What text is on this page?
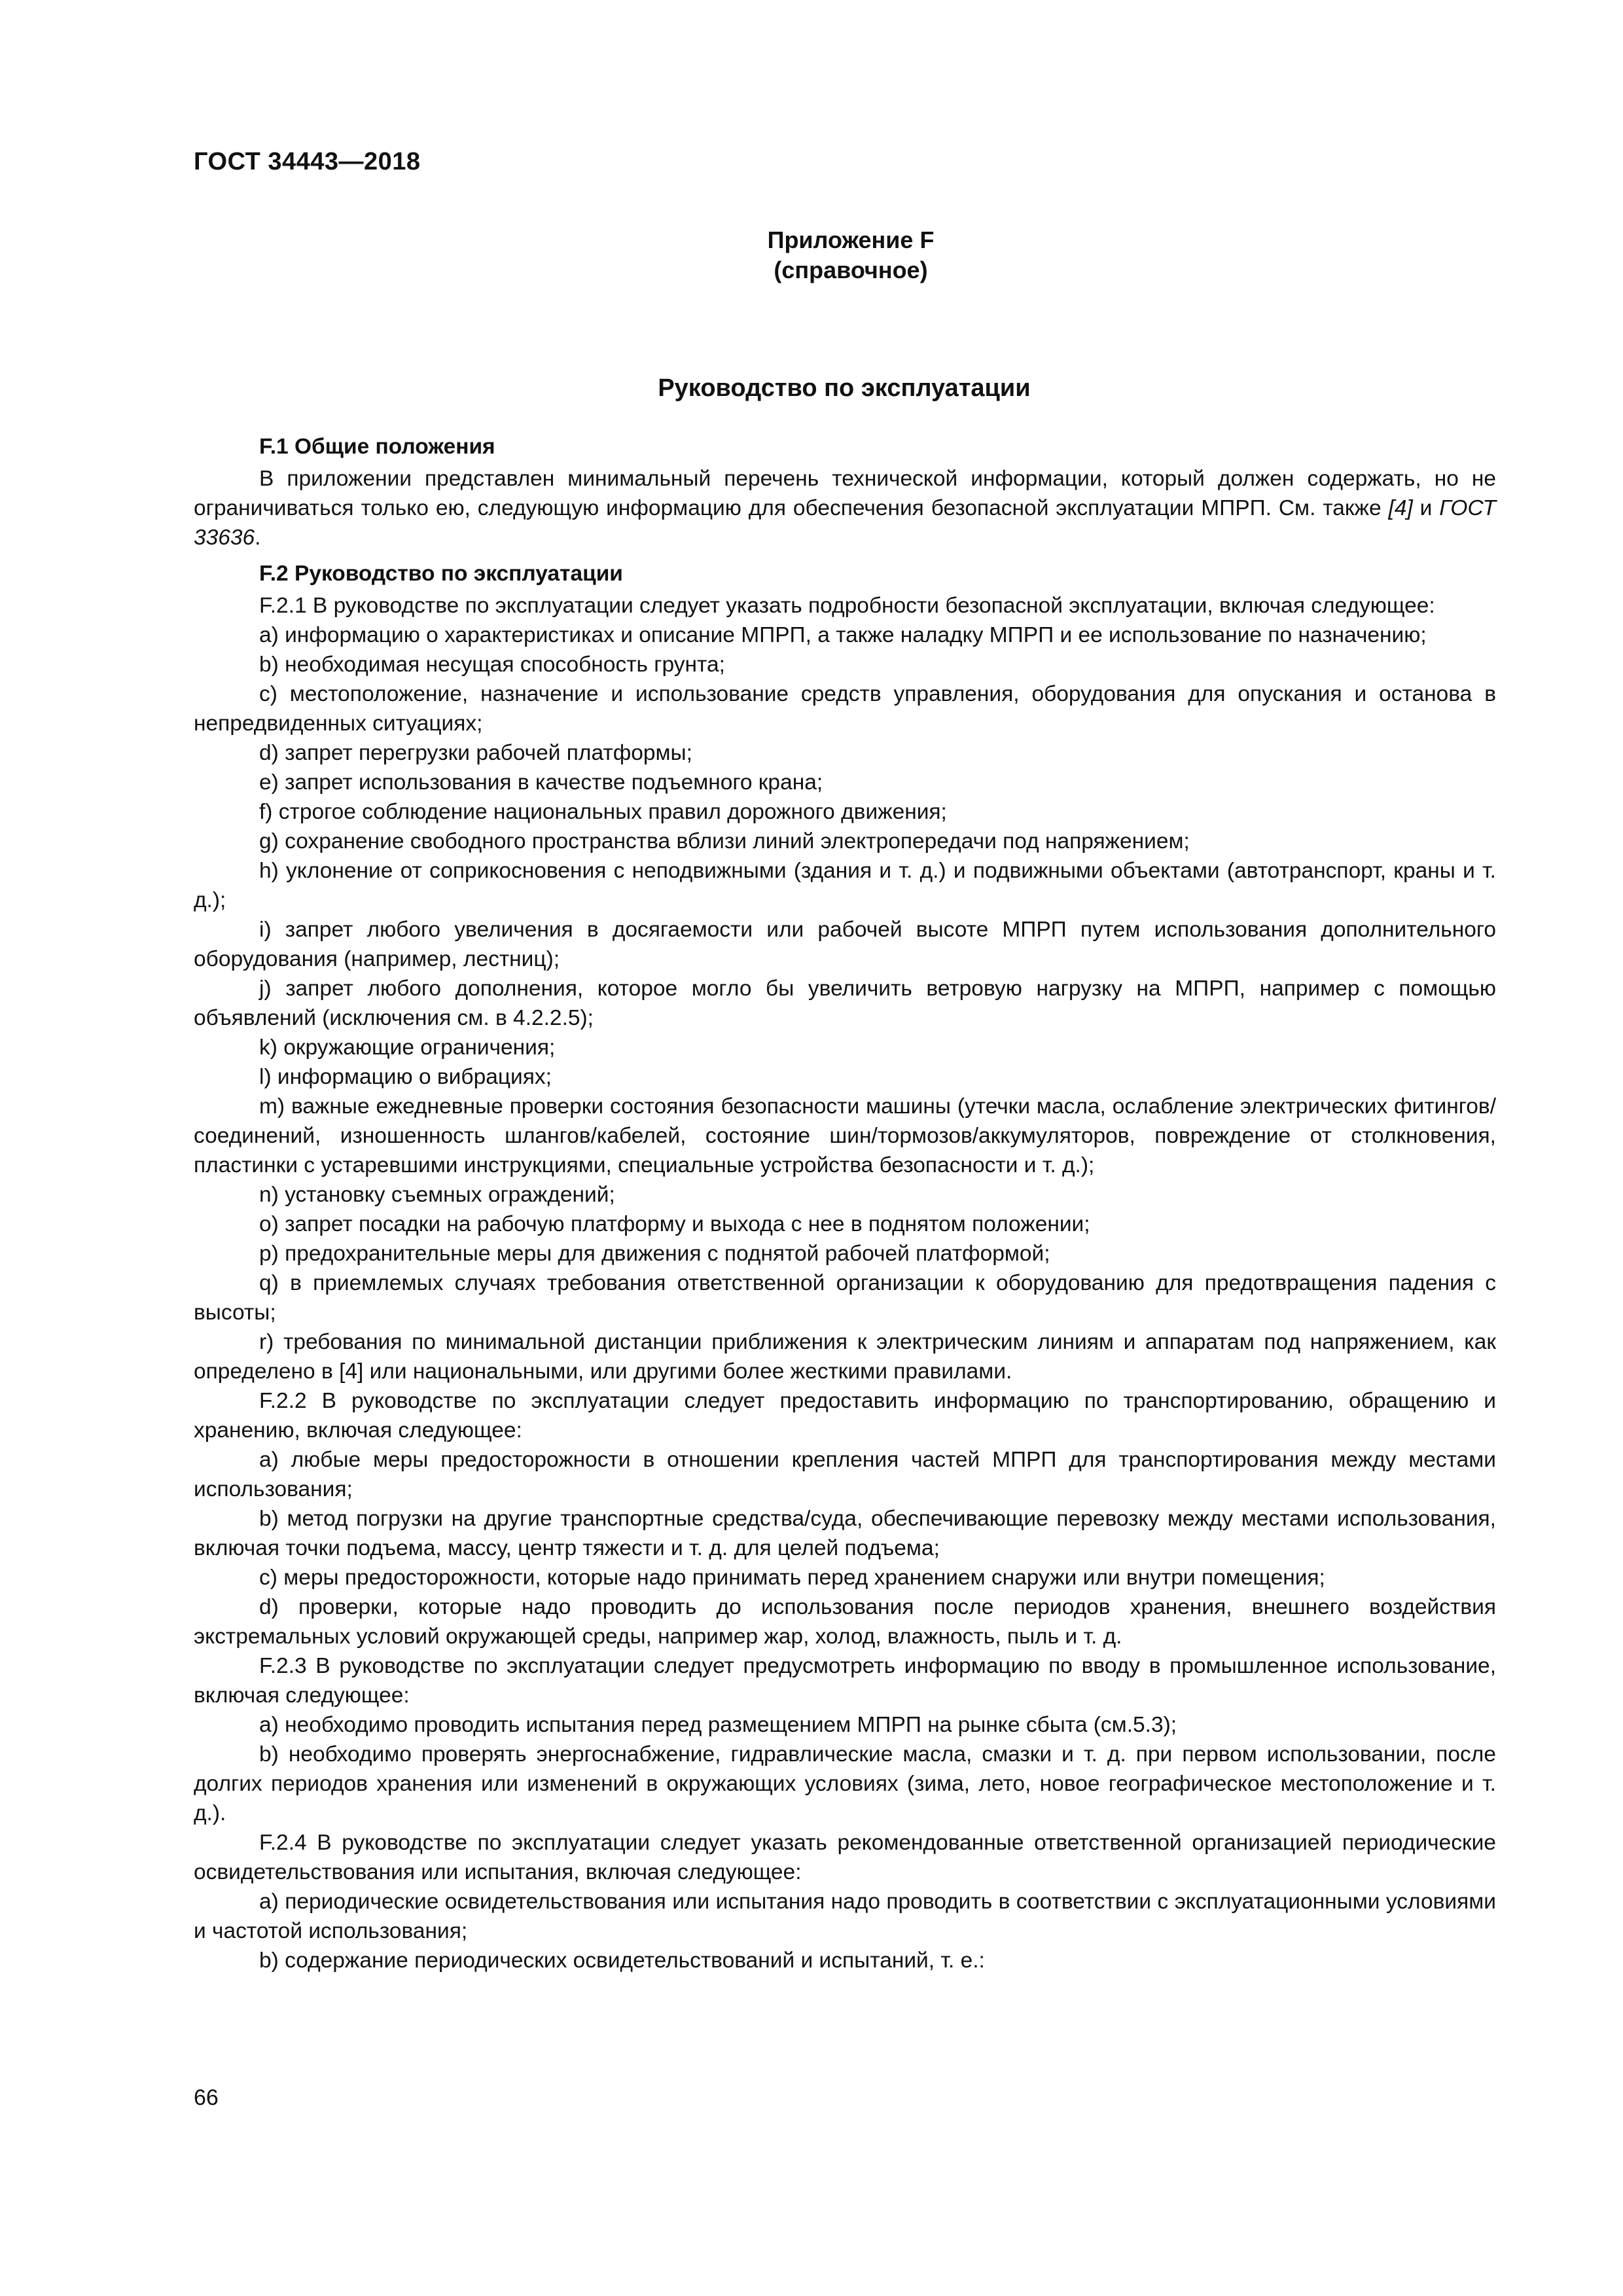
ГОСТ 34443—2018
Приложение F
(справочное)
Руководство по эксплуатации

F.1 Общие положения

В приложении представлен минимальный перечень технической информации, который должен содержать, но не ограничиваться только ею, следующую информацию для обеспечения безопасной эксплуатации МПРП. См. также [4] и ГОСТ 33636.

F.2 Руководство по эксплуатации

F.2.1 В руководстве по эксплуатации следует указать подробности безопасной эксплуатации, включая следующее:

a) информацию о характеристиках и описание МПРП, а также наладку МПРП и ее использование по назначению;

b) необходимая несущая способность грунта;

c) местоположение, назначение и использование средств управления, оборудования для опускания и останова в непредвиденных ситуациях;

d) запрет перегрузки рабочей платформы;

e) запрет использования в качестве подъемного крана;

f) строгое соблюдение национальных правил дорожного движения;

g) сохранение свободного пространства вблизи линий электропередачи под напряжением;

h) уклонение от соприкосновения с неподвижными (здания и т. д.) и подвижными объектами (автотранспорт, краны и т. д.);

i) запрет любого увеличения в досягаемости или рабочей высоте МПРП путем использования дополнительного оборудования (например, лестниц);

j) запрет любого дополнения, которое могло бы увеличить ветровую нагрузку на МПРП, например с помощью объявлений (исключения см. в 4.2.2.5);

k) окружающие ограничения;

l) информацию о вибрациях;

m) важные ежедневные проверки состояния безопасности машины (утечки масла, ослабление электрических фитингов/соединений, изношенность шлангов/кабелей, состояние шин/тормозов/аккумуляторов, повреждение от столкновения, пластинки с устаревшими инструкциями, специальные устройства безопасности и т. д.);

n) установку съемных ограждений;

o) запрет посадки на рабочую платформу и выхода с нее в поднятом положении;

p) предохранительные меры для движения с поднятой рабочей платформой;

q) в приемлемых случаях требования ответственной организации к оборудованию для предотвращения падения с высоты;

r) требования по минимальной дистанции приближения к электрическим линиям и аппаратам под напряжением, как определено в [4] или национальными, или другими более жесткими правилами.

F.2.2 В руководстве по эксплуатации следует предоставить информацию по транспортированию, обращению и хранению, включая следующее:

a) любые меры предосторожности в отношении крепления частей МПРП для транспортирования между местами использования;

b) метод погрузки на другие транспортные средства/суда, обеспечивающие перевозку между местами использования, включая точки подъема, массу, центр тяжести и т. д. для целей подъема;

c) меры предосторожности, которые надо принимать перед хранением снаружи или внутри помещения;

d) проверки, которые надо проводить до использования после периодов хранения, внешнего воздействия экстремальных условий окружающей среды, например жар, холод, влажность, пыль и т. д.

F.2.3 В руководстве по эксплуатации следует предусмотреть информацию по вводу в промышленное использование, включая следующее:

a) необходимо проводить испытания перед размещением МПРП на рынке сбыта (см.5.3);

b) необходимо проверять энергоснабжение, гидравлические масла, смазки и т. д. при первом использовании, после долгих периодов хранения или изменений в окружающих условиях (зима, лето, новое географическое местоположение и т. д.).

F.2.4 В руководстве по эксплуатации следует указать рекомендованные ответственной организацией периодические освидетельствования или испытания, включая следующее:

a) периодические освидетельствования или испытания надо проводить в соответствии с эксплуатационными условиями и частотой использования;

b) содержание периодических освидетельствований и испытаний, т. е.:

66
